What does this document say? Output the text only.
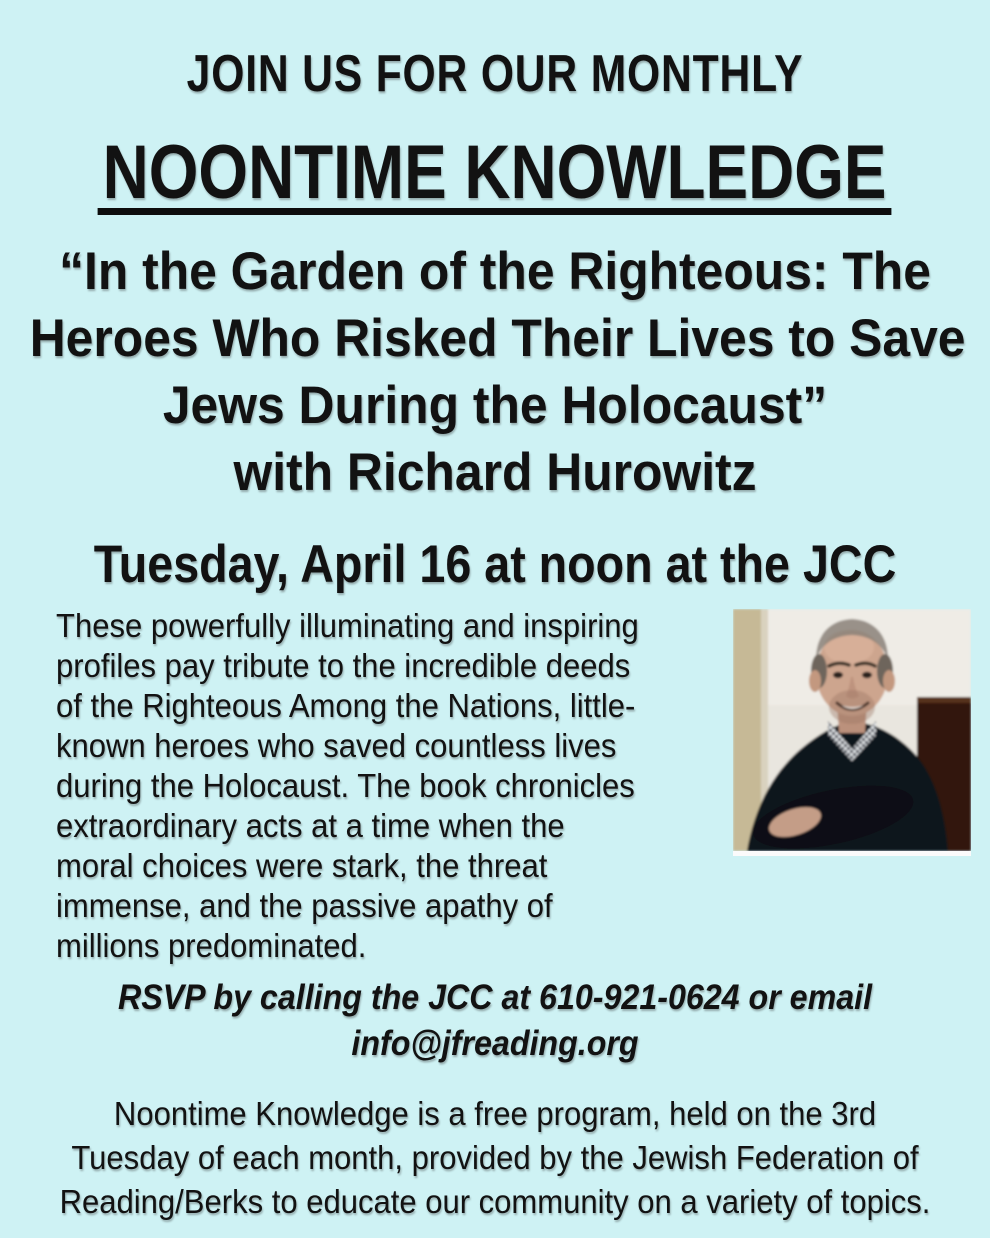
JOIN US FOR OUR MONTHLY
NOONTIME KNOWLEDGE
“In the Garden of the Righteous: The
Heroes Who Risked Their Lives to Save
Jews During the Holocaust”
with Richard Hurowitz
Tuesday, April 16 at noon at the JCC
These powerfully illuminating and inspiring
profiles pay tribute to the incredible deeds
of the Righteous Among the Nations, little-
known heroes who saved countless lives
during the Holocaust. The book chronicles
extraordinary acts at a time when the
moral choices were stark, the threat
immense, and the passive apathy of
millions predominated.
RSVP by calling the JCC at 610-921-0624 or email
info@jfreading.org
Noontime Knowledge is a free program, held on the 3rd
Tuesday of each month, provided by the Jewish Federation of
Reading/Berks to educate our community on a variety of topics.
